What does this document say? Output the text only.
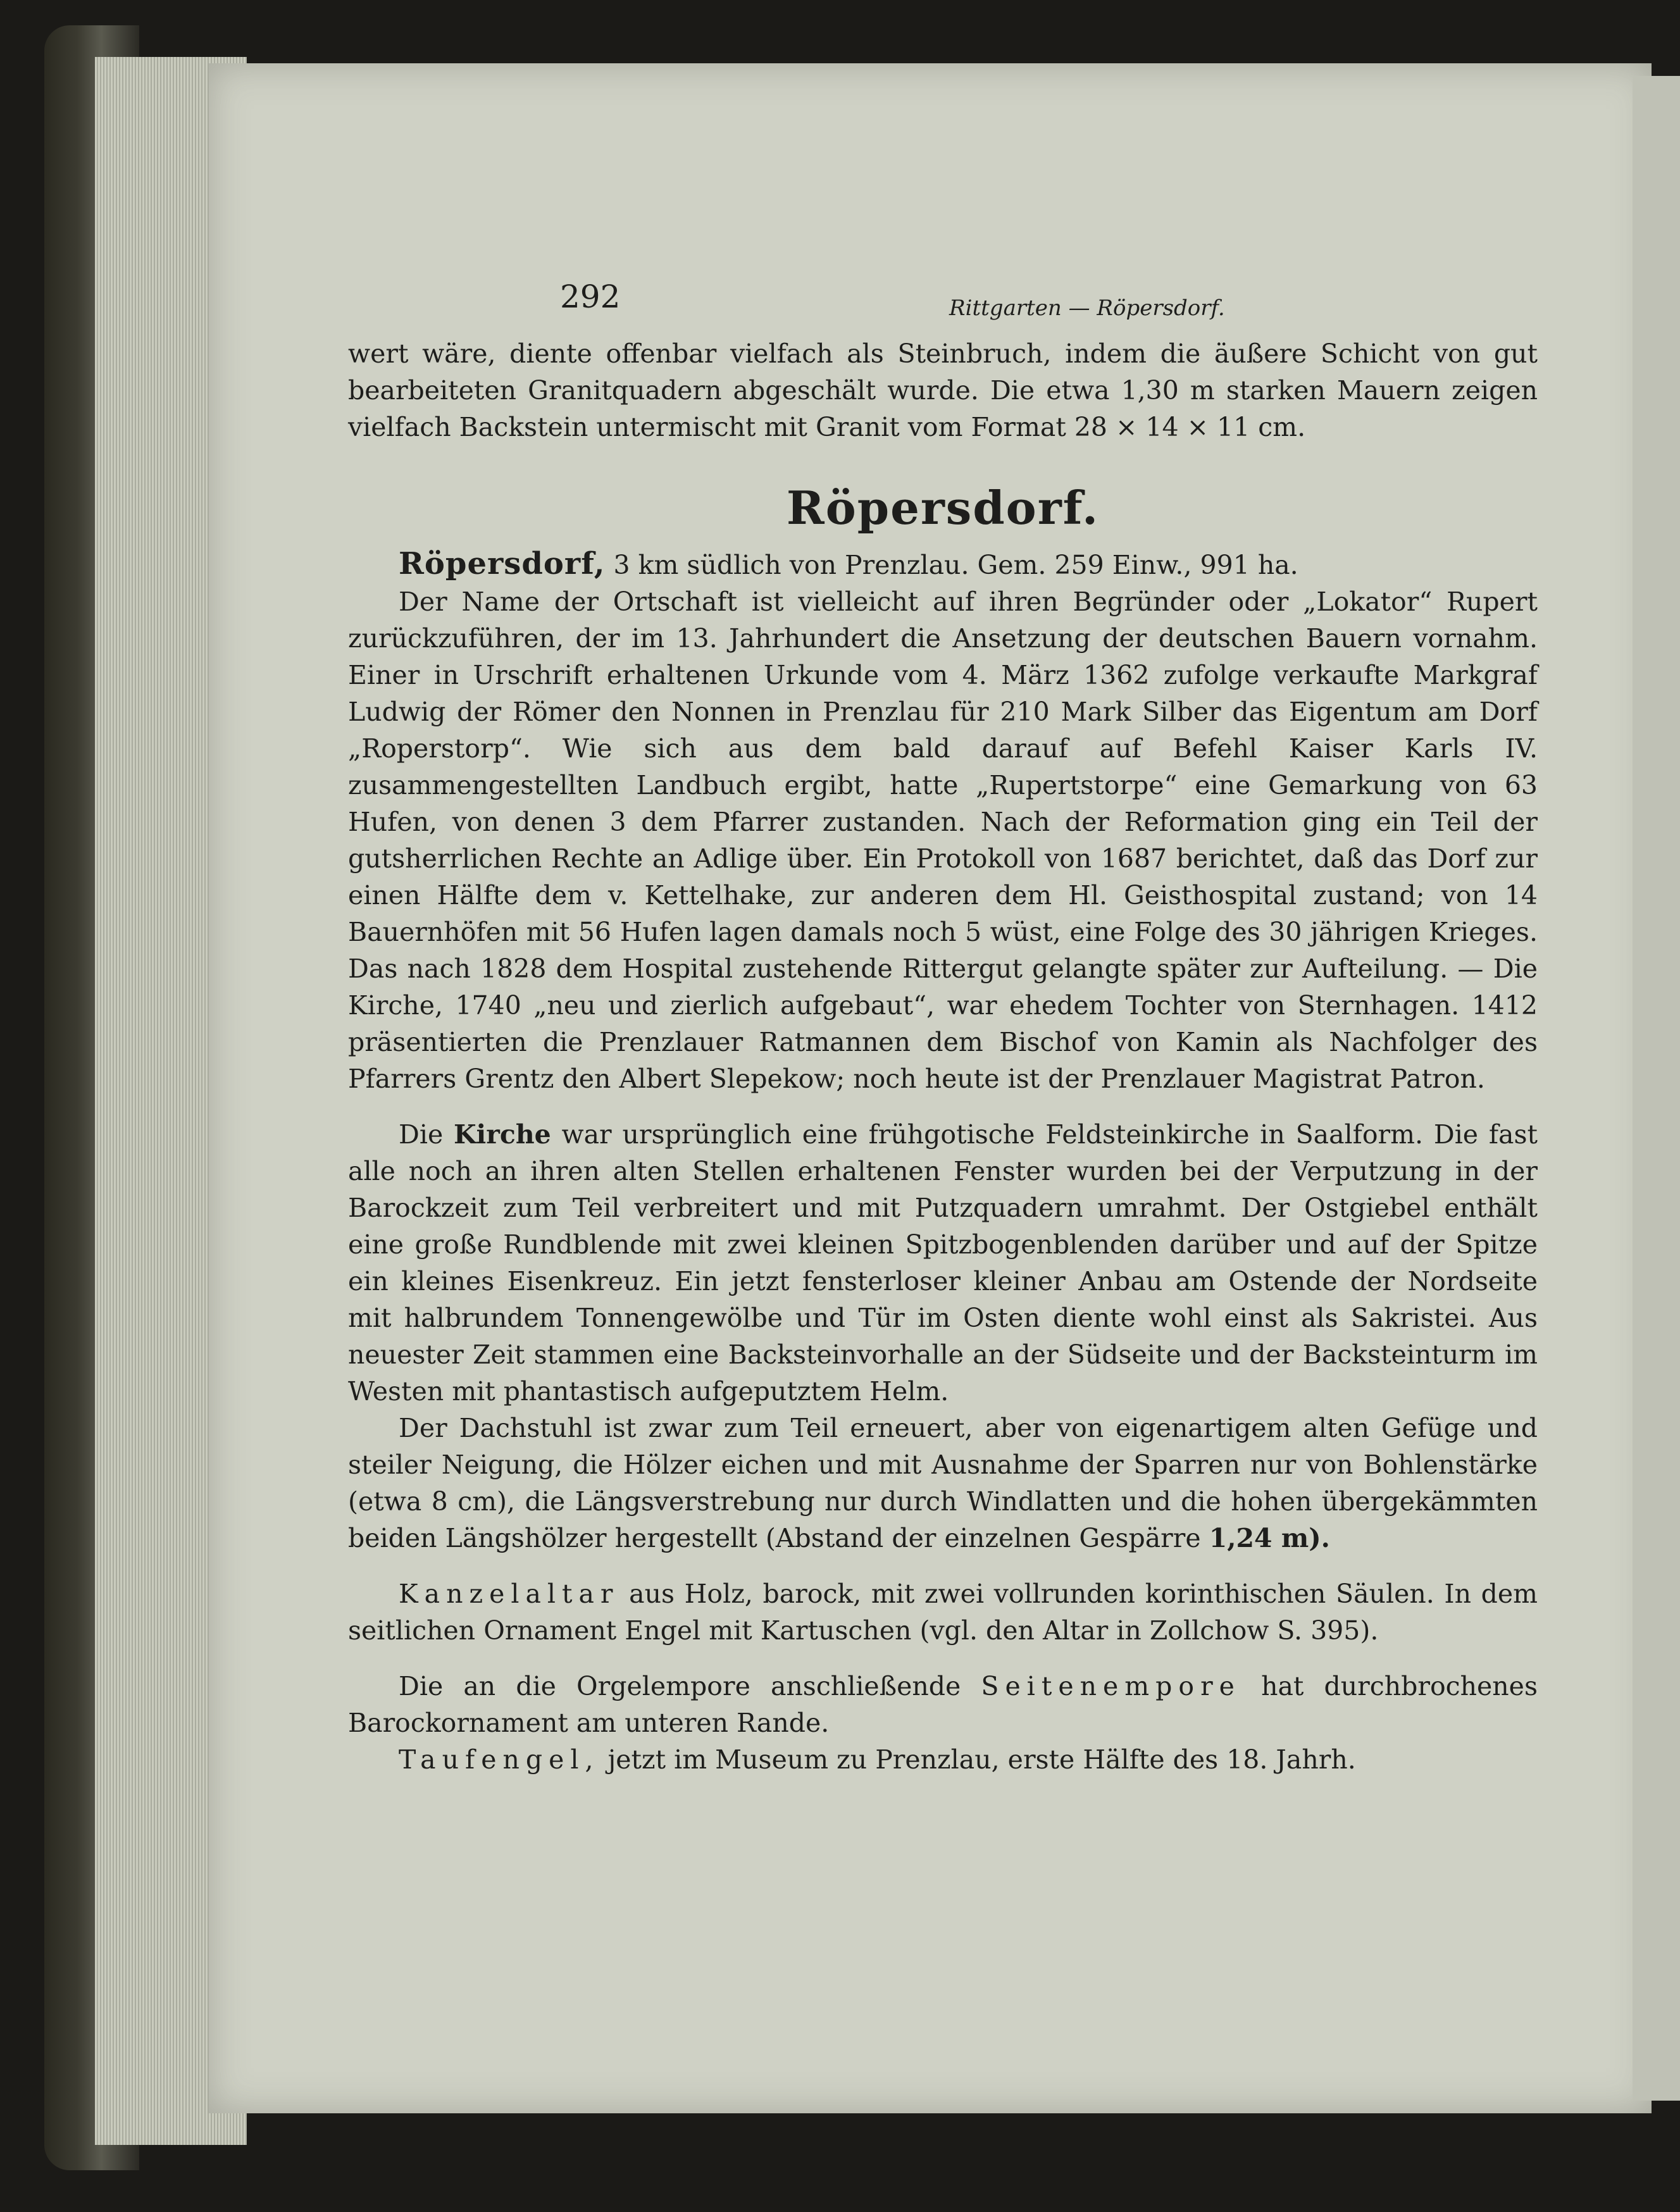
292	Rittgarten — Röpersdorf.

wert wäre, diente offenbar vielfach als Steinbruch, indem die äußere Schicht von gut bearbeiteten Granitquadern abgeschält wurde. Die etwa 1,30 m starken Mauern zeigen vielfach Backstein untermischt mit Granit vom Format 28 × 14 × 11 cm.

Röpersdorf.

Röpersdorf, 3 km südlich von Prenzlau. Gem. 259 Einw., 991 ha.

Der Name der Ortschaft ist vielleicht auf ihren Begründer oder „Lokator“ Rupert zurückzuführen, der im 13. Jahrhundert die Ansetzung der deutschen Bauern vornahm. Einer in Urschrift erhaltenen Urkunde vom 4. März 1362 zufolge verkaufte Markgraf Ludwig der Römer den Nonnen in Prenzlau für 210 Mark Silber das Eigentum am Dorf „Roperstorp“. Wie sich aus dem bald darauf auf Befehl Kaiser Karls IV. zusammengestellten Landbuch ergibt, hatte „Rupertstorpe“ eine Gemarkung von 63 Hufen, von denen 3 dem Pfarrer zustanden. Nach der Reformation ging ein Teil der gutsherrlichen Rechte an Adlige über. Ein Protokoll von 1687 berichtet, daß das Dorf zur einen Hälfte dem v. Kettelhake, zur anderen dem Hl. Geisthospital zustand; von 14 Bauernhöfen mit 56 Hufen lagen damals noch 5 wüst, eine Folge des 30 jährigen Krieges. Das nach 1828 dem Hospital zustehende Rittergut gelangte später zur Aufteilung. — Die Kirche, 1740 „neu und zierlich aufgebaut“, war ehedem Tochter von Sternhagen. 1412 präsentierten die Prenzlauer Ratmannen dem Bischof von Kamin als Nachfolger des Pfarrers Grentz den Albert Slepekow; noch heute ist der Prenzlauer Magistrat Patron.

Die Kirche war ursprünglich eine frühgotische Feldsteinkirche in Saalform. Die fast alle noch an ihren alten Stellen erhaltenen Fenster wurden bei der Verputzung in der Barockzeit zum Teil verbreitert und mit Putzquadern umrahmt. Der Ostgiebel enthält eine große Rundblende mit zwei kleinen Spitzbogenblenden darüber und auf der Spitze ein kleines Eisenkreuz. Ein jetzt fensterloser kleiner Anbau am Ostende der Nordseite mit halbrundem Tonnengewölbe und Tür im Osten diente wohl einst als Sakristei. Aus neuester Zeit stammen eine Backsteinvorhalle an der Südseite und der Backsteinturm im Westen mit phantastisch aufgeputztem Helm.

Der Dachstuhl ist zwar zum Teil erneuert, aber von eigenartigem alten Gefüge und steiler Neigung, die Hölzer eichen und mit Ausnahme der Sparren nur von Bohlenstärke (etwa 8 cm), die Längsverstrebung nur durch Windlatten und die hohen übergekämmten beiden Längshölzer hergestellt (Abstand der einzelnen Gespärre 1,24 m).

Kanzelaltar aus Holz, barock, mit zwei vollrunden korinthischen Säulen. In dem seitlichen Ornament Engel mit Kartuschen (vgl. den Altar in Zollchow S. 395).

Die an die Orgelempore anschließende Seitenempore hat durchbrochenes Barockornament am unteren Rande.

Taufengel, jetzt im Museum zu Prenzlau, erste Hälfte des 18. Jahrh.
